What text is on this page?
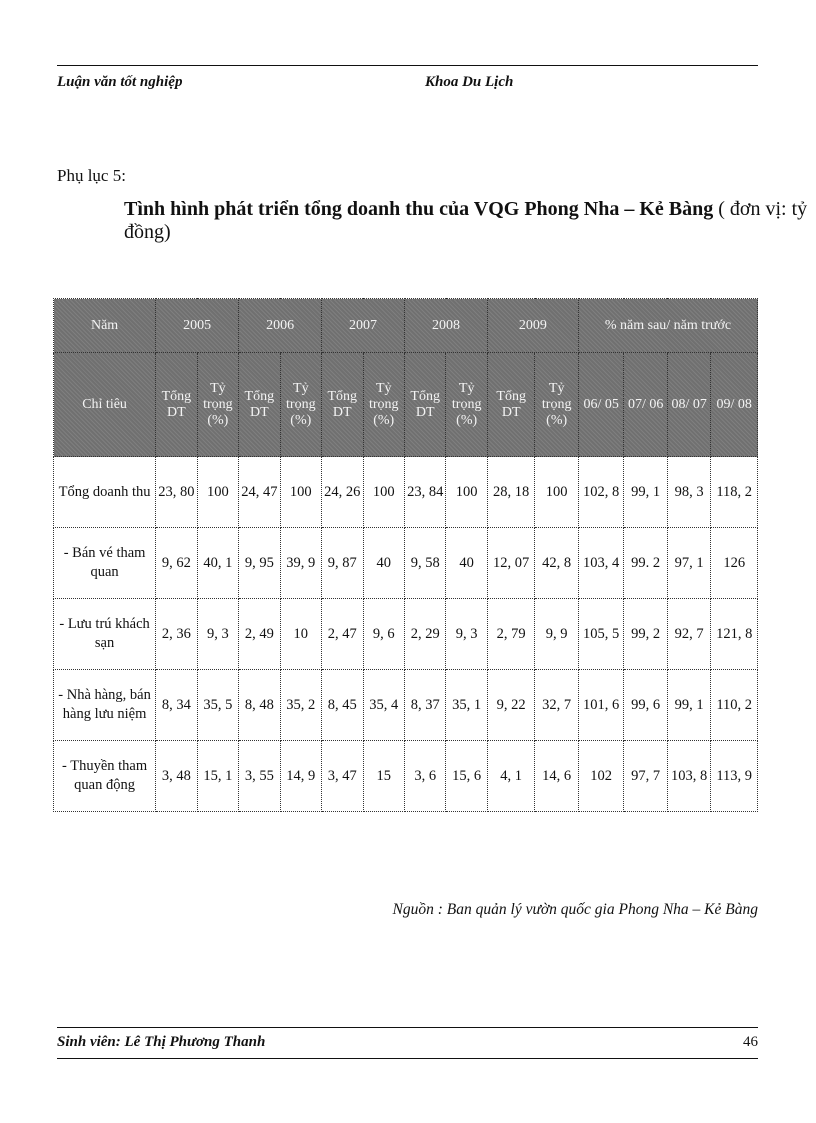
Luận văn tốt nghiệp	Khoa Du Lịch
Phụ lục 5:
Tình hình phát triển tổng doanh thu của VQG Phong Nha – Kẻ Bàng ( đơn vị: tỷ đồng)
Năm	2005		2006		2007		2008		2009		% năm sau/ năm trước			
Chỉ tiêu	Tổng DT	Tỷ trọng (%)	Tổng DT	Tỷ trọng (%)	Tổng DT	Tỷ trọng (%)	Tổng DT	Tỷ trọng (%)	Tổng DT	Tỷ trọng (%)	06/ 05	07/ 06	08/ 07	09/ 08
Tổng doanh thu	23, 80	100	24, 47	100	24, 26	100	23, 84	100	28, 18	100	102, 8	99, 1	98, 3	118, 2
- Bán vé tham quan	9, 62	40, 1	9, 95	39, 9	9, 87	40	9, 58	40	12, 07	42, 8	103, 4	99. 2	97, 1	126
- Lưu trú khách sạn	2, 36	9, 3	2, 49	10	2, 47	9, 6	2, 29	9, 3	2, 79	9, 9	105, 5	99, 2	92, 7	121, 8
- Nhà hàng, bán hàng lưu niệm	8, 34	35, 5	8, 48	35, 2	8, 45	35, 4	8, 37	35, 1	9, 22	32, 7	101, 6	99, 6	99, 1	110, 2
- Thuyền tham quan động	3, 48	15, 1	3, 55	14, 9	3, 47	15	3, 6	15, 6	4, 1	14, 6	102	97, 7	103, 8	113, 9
Nguồn : Ban quản lý vườn quốc gia Phong Nha – Kẻ Bàng
Sinh viên: Lê Thị Phương Thanh	46
